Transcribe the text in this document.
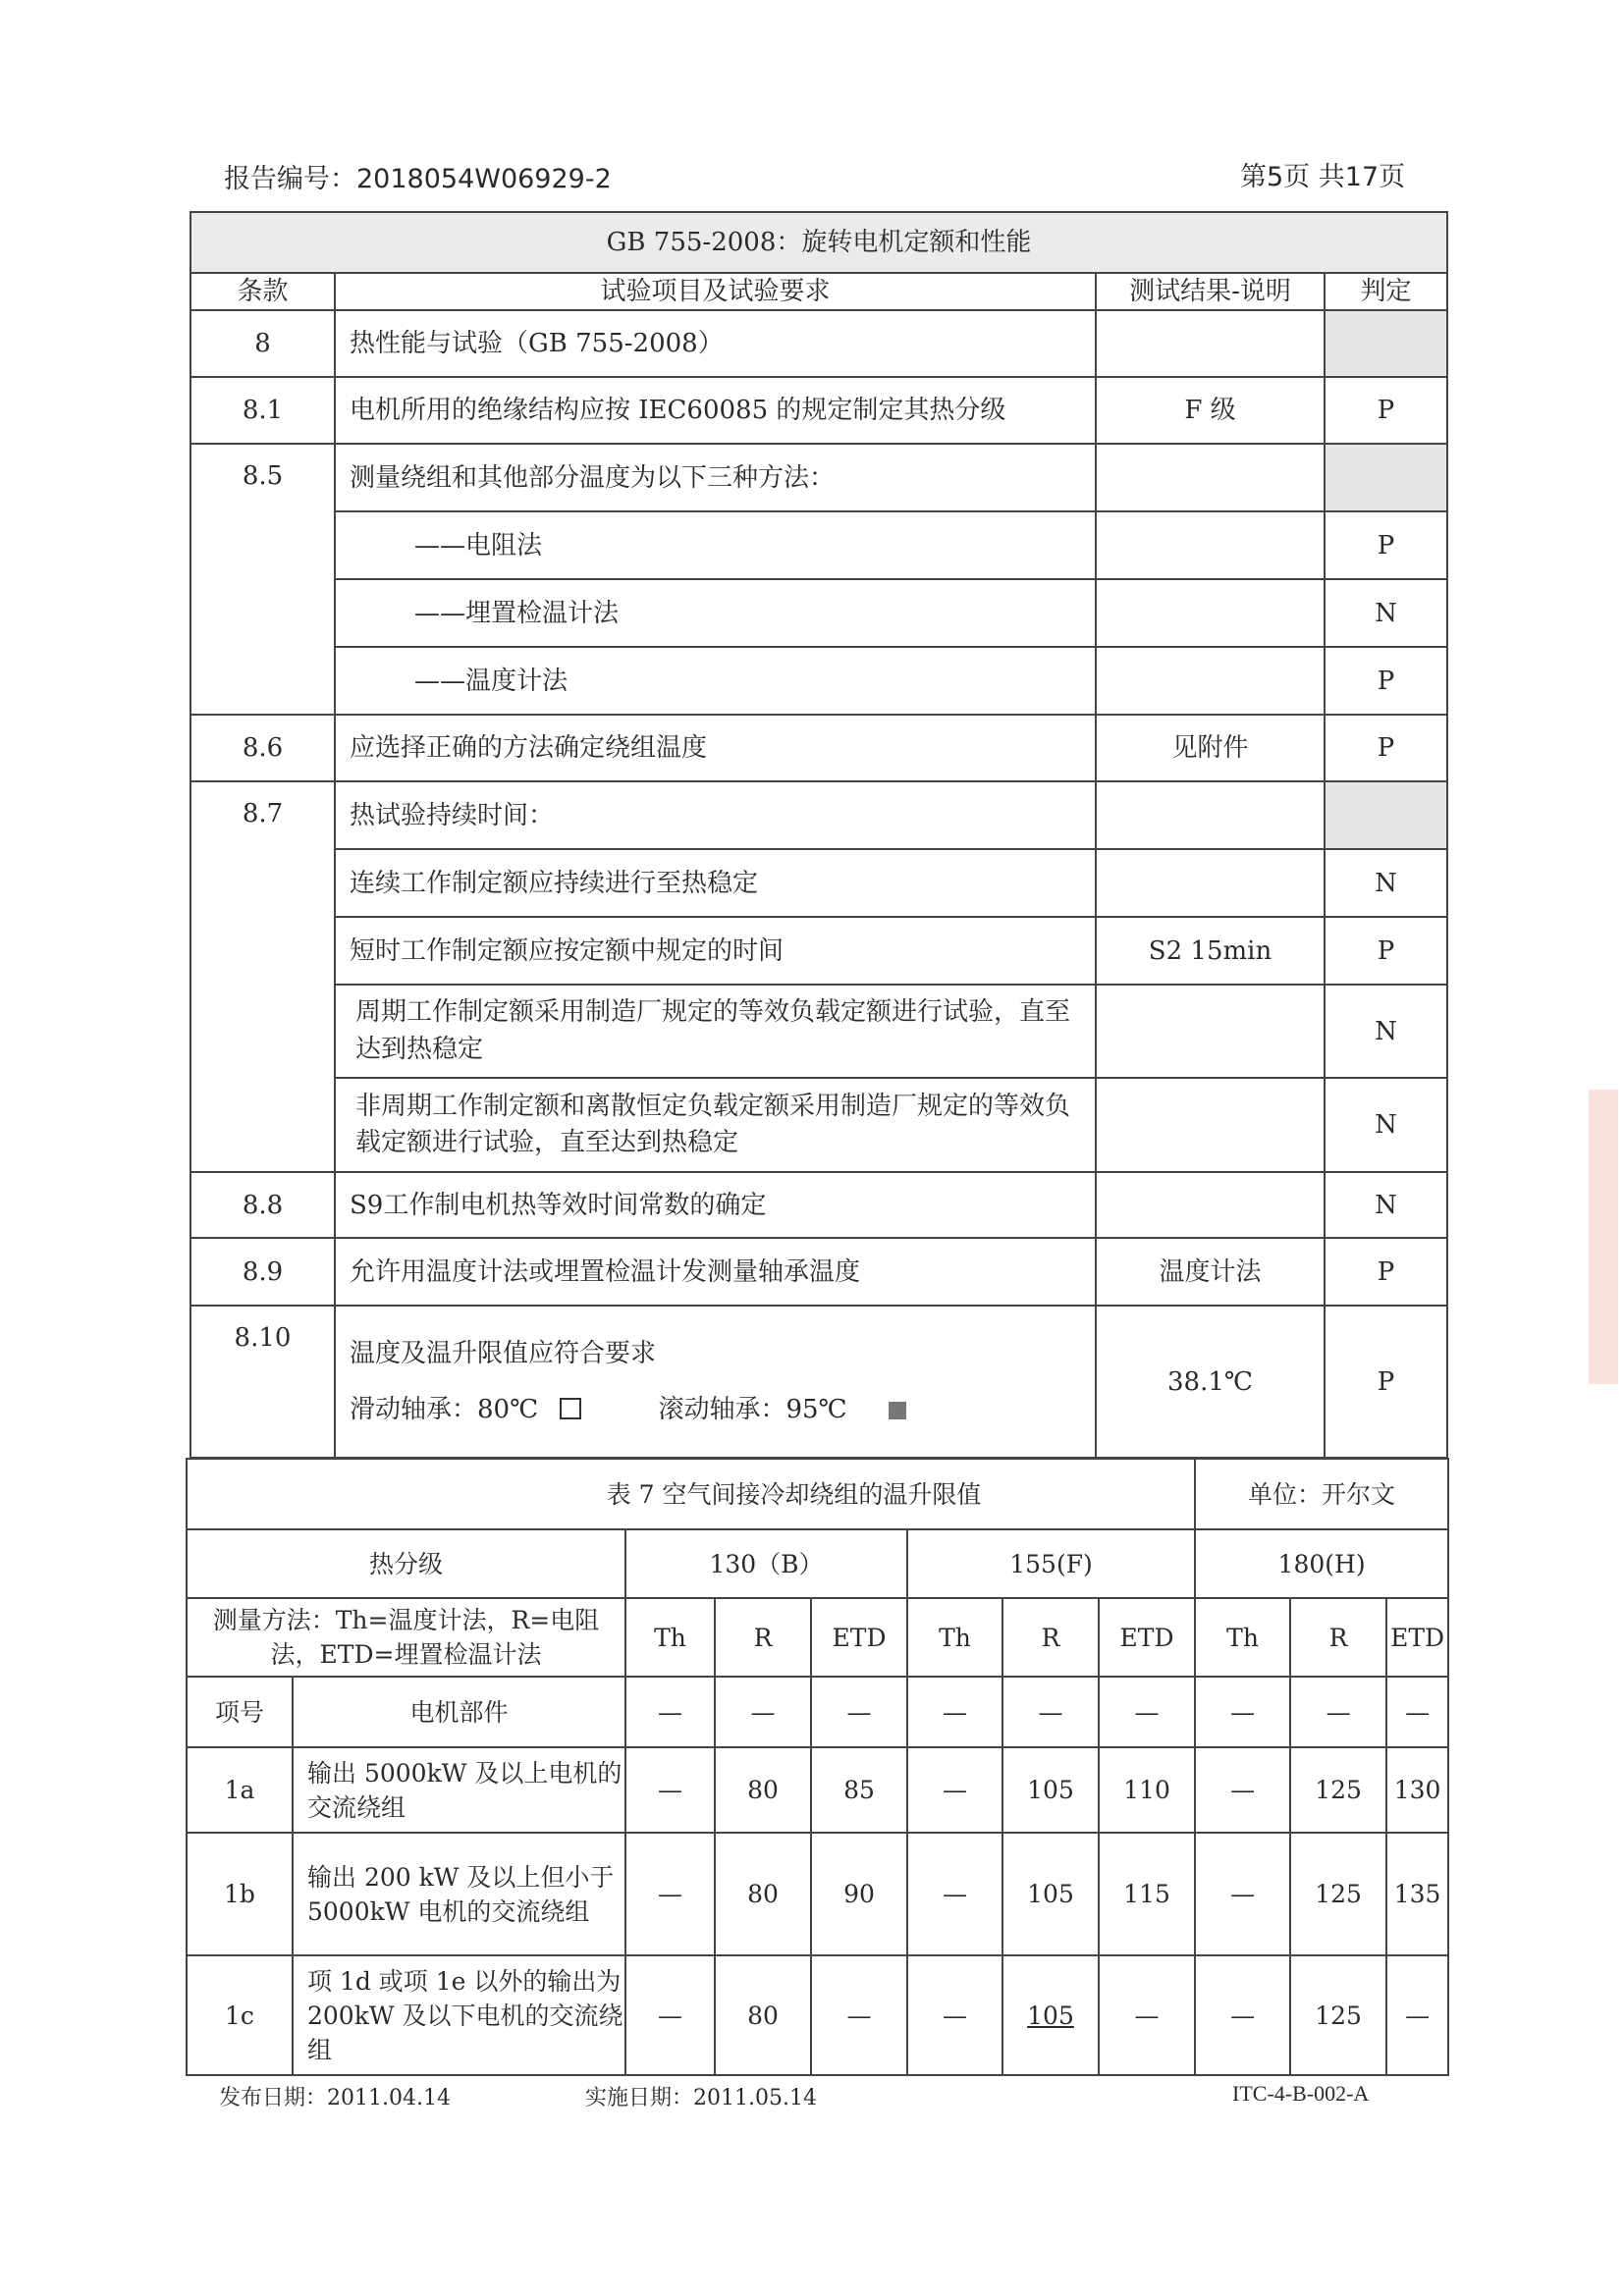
报告编号：2018054W06929-2	第5页 共17页
GB 755-2008：旋转电机定额和性能			
条款	试验项目及试验要求	测试结果-说明	判定
8	热性能与试验（GB 755-2008）		
8.1	电机所用的绝缘结构应按 IEC60085 的规定制定其热分级	F 级	P
8.5	测量绕组和其他部分温度为以下三种方法：		
	——电阻法		P
	——埋置检温计法		N
	——温度计法		P
8.6	应选择正确的方法确定绕组温度	见附件	P
8.7	热试验持续时间：		
	连续工作制定额应持续进行至热稳定		N
	短时工作制定额应按定额中规定的时间	S2 15min	P
	周期工作制定额采用制造厂规定的等效负载定额进行试验，直至达到热稳定		N
	非周期工作制定额和离散恒定负载定额采用制造厂规定的等效负载定额进行试验，直至达到热稳定		N
8.8	S9工作制电机热等效时间常数的确定		N
8.9	允许用温度计法或埋置检温计发测量轴承温度	温度计法	P
8.10	温度及温升限值应符合要求
滑动轴承：80℃ 滚动轴承：95℃	38.1℃	P
表 7 空气间接冷却绕组的温升限值								单位：开尔文		
热分级		130（B）			155(F)			180(H)		
测量方法：Th=温度计法，R=电阻法，ETD=埋置检温计法		Th	R	ETD	Th	R	ETD	Th	R	ETD
项号	电机部件	—	—	—	—	—	—	—	—	—
1a	输出 5000kW 及以上电机的交流绕组	—	80	85	—	105	110	—	125	130
1b	输出 200 kW 及以上但小于 5000kW 电机的交流绕组	—	80	90	—	105	115	—	125	135
1c	项 1d 或项 1e 以外的输出为 200kW 及以下电机的交流绕组	—	80	—	—	105	—	—	125	—
发布日期：2011.04.14	实施日期：2011.05.14	ITC-4-B-002-A
